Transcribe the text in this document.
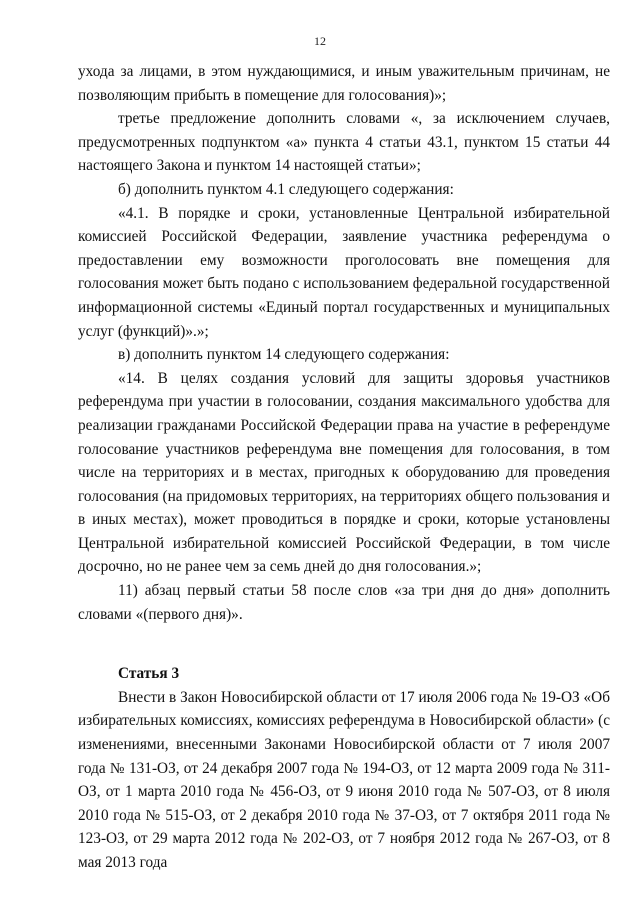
12

ухода за лицами, в этом нуждающимися, и иным уважительным причинам, не позволяющим прибыть в помещение для голосования)»;

третье предложение дополнить словами «, за исключением случаев, предусмотренных подпунктом «а» пункта 4 статьи 43.1, пунктом 15 статьи 44 настоящего Закона и пунктом 14 настоящей статьи»;

б) дополнить пунктом 4.1 следующего содержания:

«4.1. В порядке и сроки, установленные Центральной избирательной комиссией Российской Федерации, заявление участника референдума о предоставлении ему возможности проголосовать вне помещения для голосования может быть подано с использованием федеральной государственной информационной системы «Единый портал государственных и муниципальных услуг (функций)».»;

в) дополнить пунктом 14 следующего содержания:

«14. В целях создания условий для защиты здоровья участников референдума при участии в голосовании, создания максимального удобства для реализации гражданами Российской Федерации права на участие в референдуме голосование участников референдума вне помещения для голосования, в том числе на территориях и в местах, пригодных к оборудованию для проведения голосования (на придомовых территориях, на территориях общего пользования и в иных местах), может проводиться в порядке и сроки, которые установлены Центральной избирательной комиссией Российской Федерации, в том числе досрочно, но не ранее чем за семь дней до дня голосования.»;

11) абзац первый статьи 58 после слов «за три дня до дня» дополнить словами «(первого дня)».

Статья 3

Внести в Закон Новосибирской области от 17 июля 2006 года № 19-ОЗ «Об избирательных комиссиях, комиссиях референдума в Новосибирской области» (с изменениями, внесенными Законами Новосибирской области от 7 июля 2007 года № 131-ОЗ, от 24 декабря 2007 года № 194-ОЗ, от 12 марта 2009 года № 311-ОЗ, от 1 марта 2010 года № 456-ОЗ, от 9 июня 2010 года № 507-ОЗ, от 8 июля 2010 года № 515-ОЗ, от 2 декабря 2010 года № 37-ОЗ, от 7 октября 2011 года № 123-ОЗ, от 29 марта 2012 года № 202-ОЗ, от 7 ноября 2012 года № 267-ОЗ, от 8 мая 2013 года
